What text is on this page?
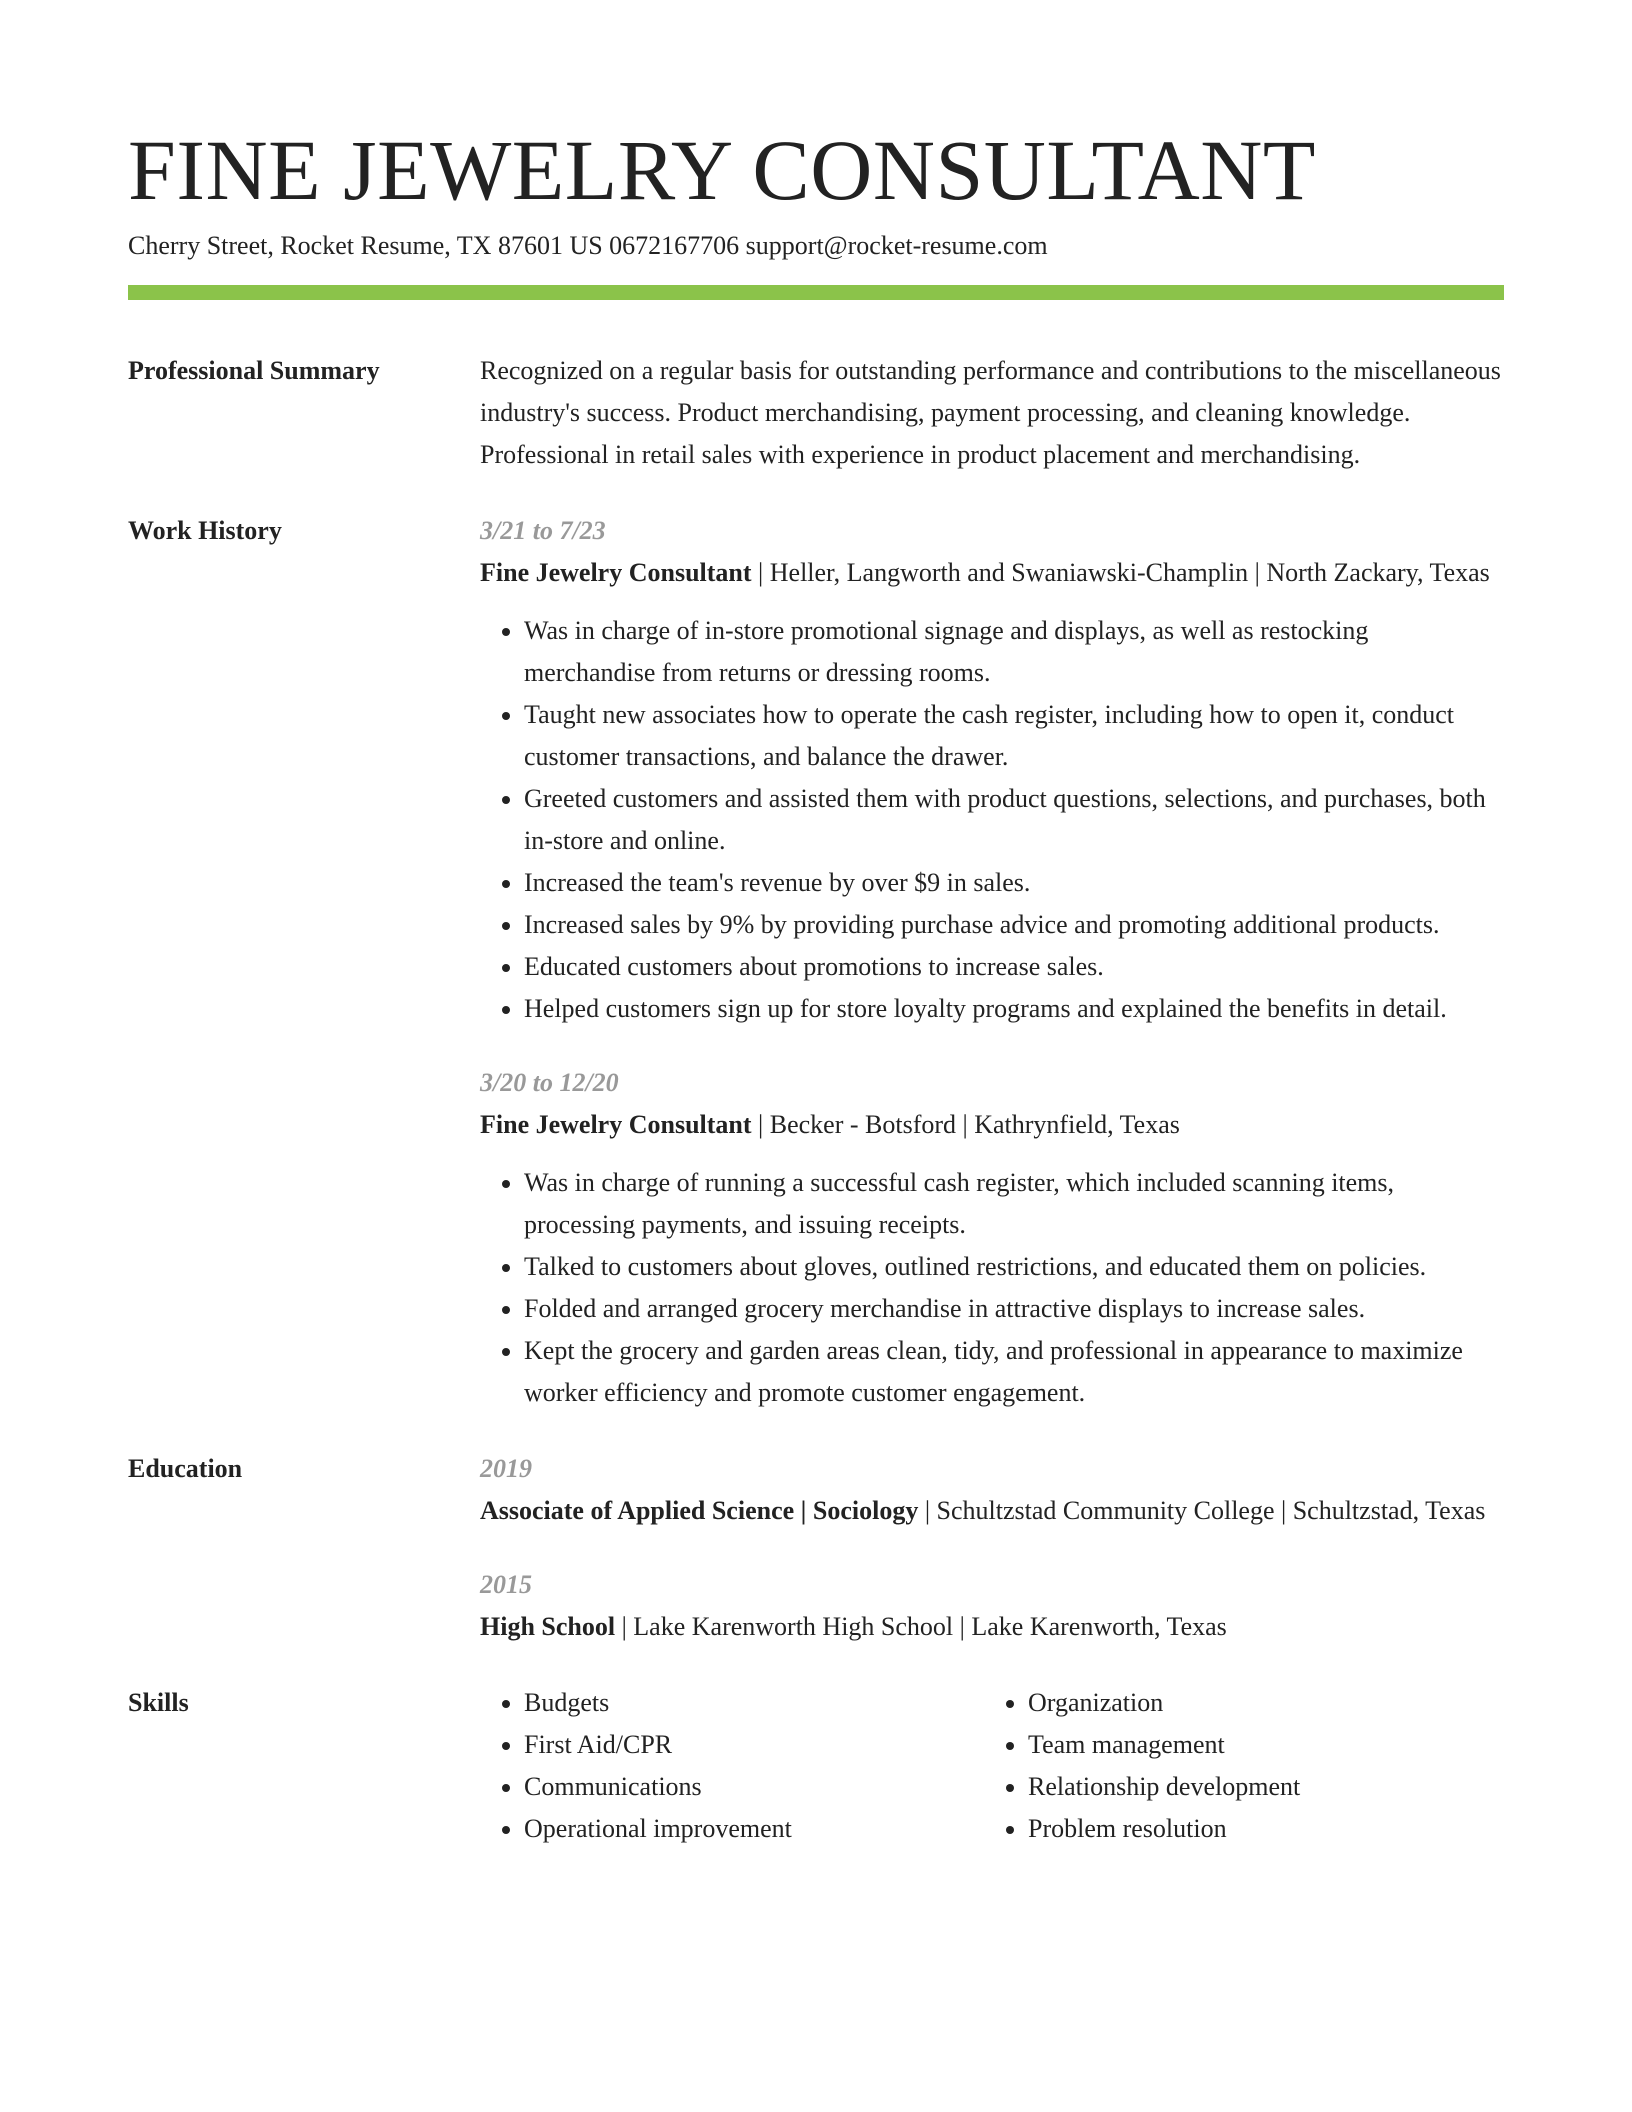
FINE JEWELRY CONSULTANT
Cherry Street, Rocket Resume, TX 87601 US 0672167706 support@rocket-resume.com
Professional Summary	Recognized on a regular basis for outstanding performance and contributions to the miscellaneous industry's success. Product merchandising, payment processing, and cleaning knowledge. Professional in retail sales with experience in product placement and merchandising.

Work History	3/21 to 7/23
Fine Jewelry Consultant | Heller, Langworth and Swaniawski-Champlin | North Zackary, Texas
• Was in charge of in-store promotional signage and displays, as well as restocking merchandise from returns or dressing rooms.
• Taught new associates how to operate the cash register, including how to open it, conduct customer transactions, and balance the drawer.
• Greeted customers and assisted them with product questions, selections, and purchases, both in-store and online.
• Increased the team's revenue by over $9 in sales.
• Increased sales by 9% by providing purchase advice and promoting additional products.
• Educated customers about promotions to increase sales.
• Helped customers sign up for store loyalty programs and explained the benefits in detail.
3/20 to 12/20
Fine Jewelry Consultant | Becker - Botsford | Kathrynfield, Texas
• Was in charge of running a successful cash register, which included scanning items, processing payments, and issuing receipts.
• Talked to customers about gloves, outlined restrictions, and educated them on policies.
• Folded and arranged grocery merchandise in attractive displays to increase sales.
• Kept the grocery and garden areas clean, tidy, and professional in appearance to maximize worker efficiency and promote customer engagement.
Education	2019
Associate of Applied Science | Sociology | Schultzstad Community College | Schultzstad, Texas
2015
High School | Lake Karenworth High School | Lake Karenworth, Texas
Skills
•	Budgets
• First Aid/CPR
• Communications
• Operational improvement
• Organization
• Team management
• Relationship development
• Problem resolution
